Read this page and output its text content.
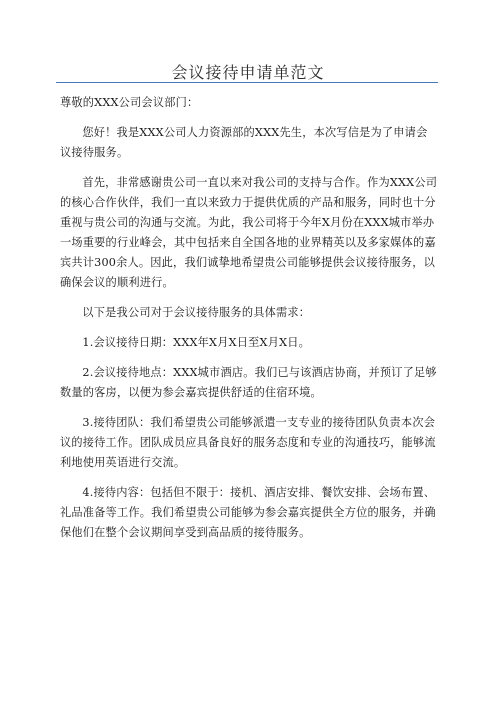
会议接待申请单范文

尊敬的XXX公司会议部门：

您好！我是XXX公司人力资源部的XXX先生，本次写信是为了申请会议接待服务。

首先，非常感谢贵公司一直以来对我公司的支持与合作。作为XXX公司的核心合作伙伴，我们一直以来致力于提供优质的产品和服务，同时也十分重视与贵公司的沟通与交流。为此，我公司将于今年X月份在XXX城市举办一场重要的行业峰会，其中包括来自全国各地的业界精英以及多家媒体的嘉宾共计300余人。因此，我们诚挚地希望贵公司能够提供会议接待服务，以确保会议的顺利进行。

以下是我公司对于会议接待服务的具体需求：

1.会议接待日期：XXX年X月X日至X月X日。

2.会议接待地点：XXX城市酒店。我们已与该酒店协商，并预订了足够数量的客房，以便为参会嘉宾提供舒适的住宿环境。

3.接待团队：我们希望贵公司能够派遣一支专业的接待团队负责本次会议的接待工作。团队成员应具备良好的服务态度和专业的沟通技巧，能够流利地使用英语进行交流。

4.接待内容：包括但不限于：接机、酒店安排、餐饮安排、会场布置、礼品准备等工作。我们希望贵公司能够为参会嘉宾提供全方位的服务，并确保他们在整个会议期间享受到高品质的接待服务。
